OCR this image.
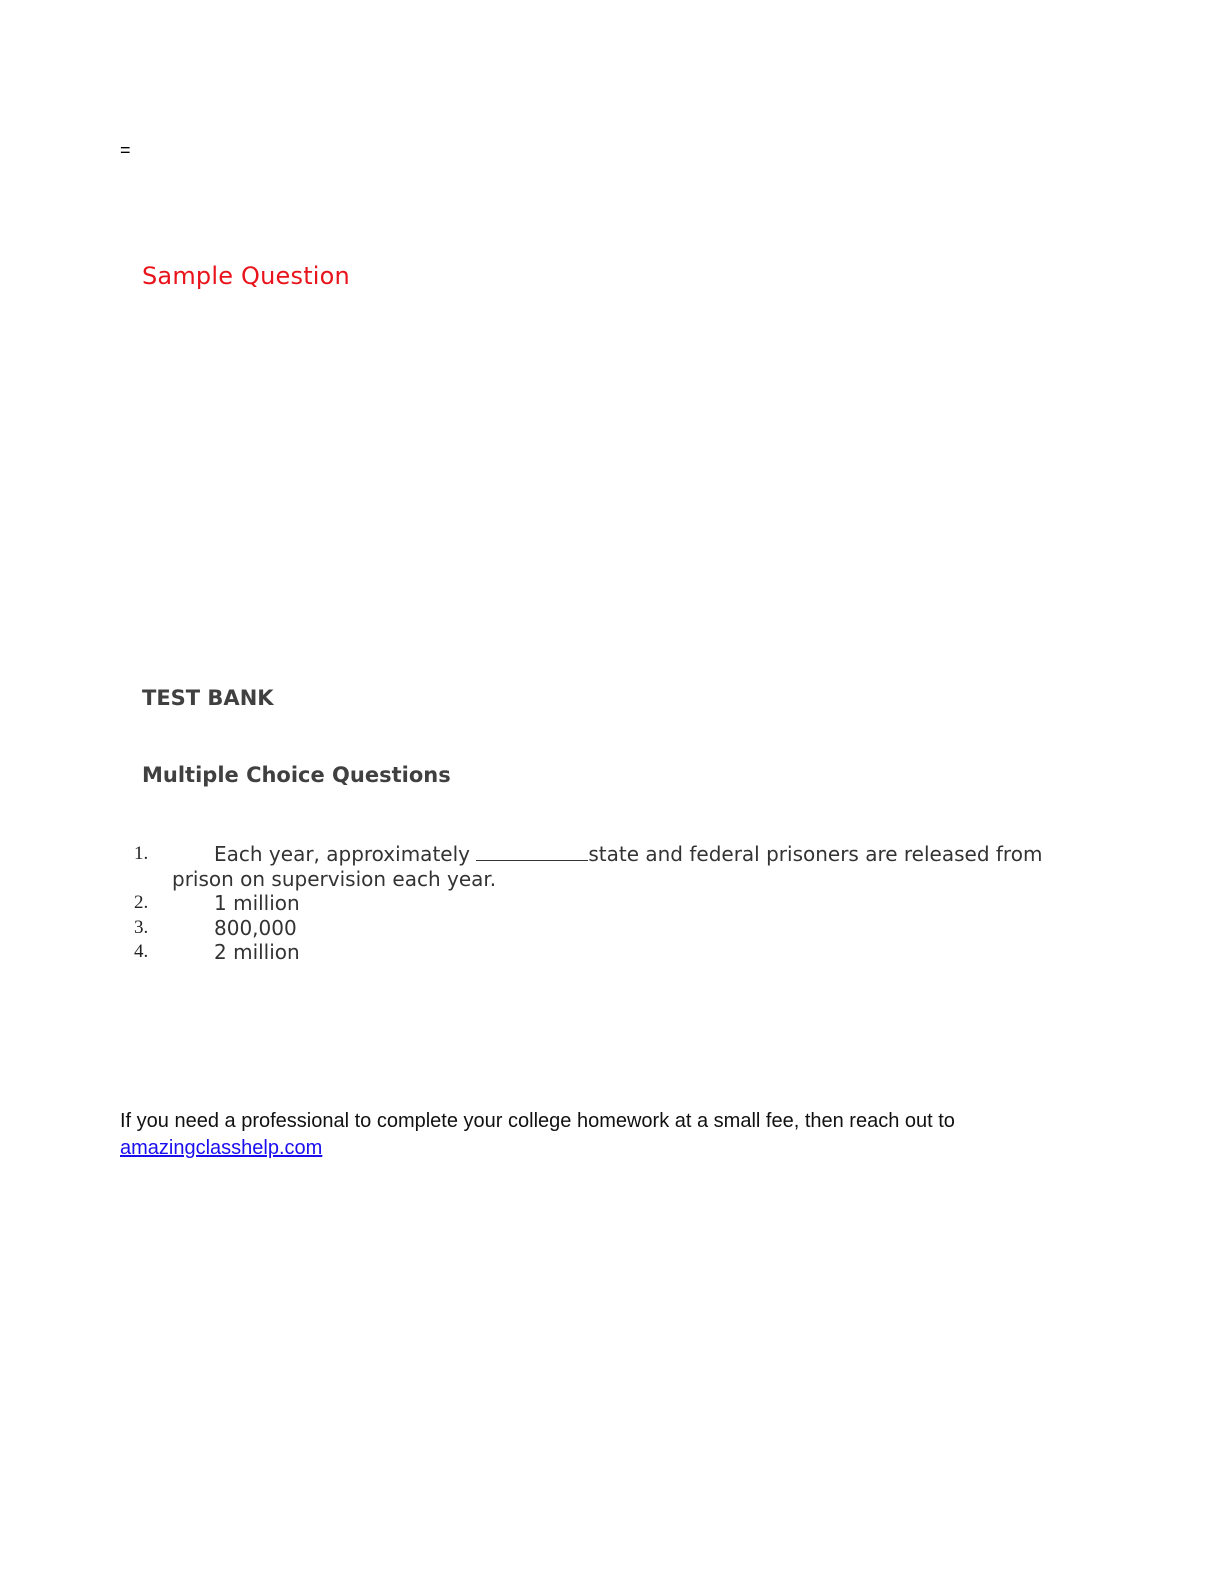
=
Sample Question
TEST BANK
Multiple Choice Questions
1.	Each year, approximately	state and federal prisoners are released from
prison on supervision each year.
2.	1 million
3.	800,000
4.	2 million
If you need a professional to complete your college homework at a small fee, then reach out to
amazingclasshelp.com
